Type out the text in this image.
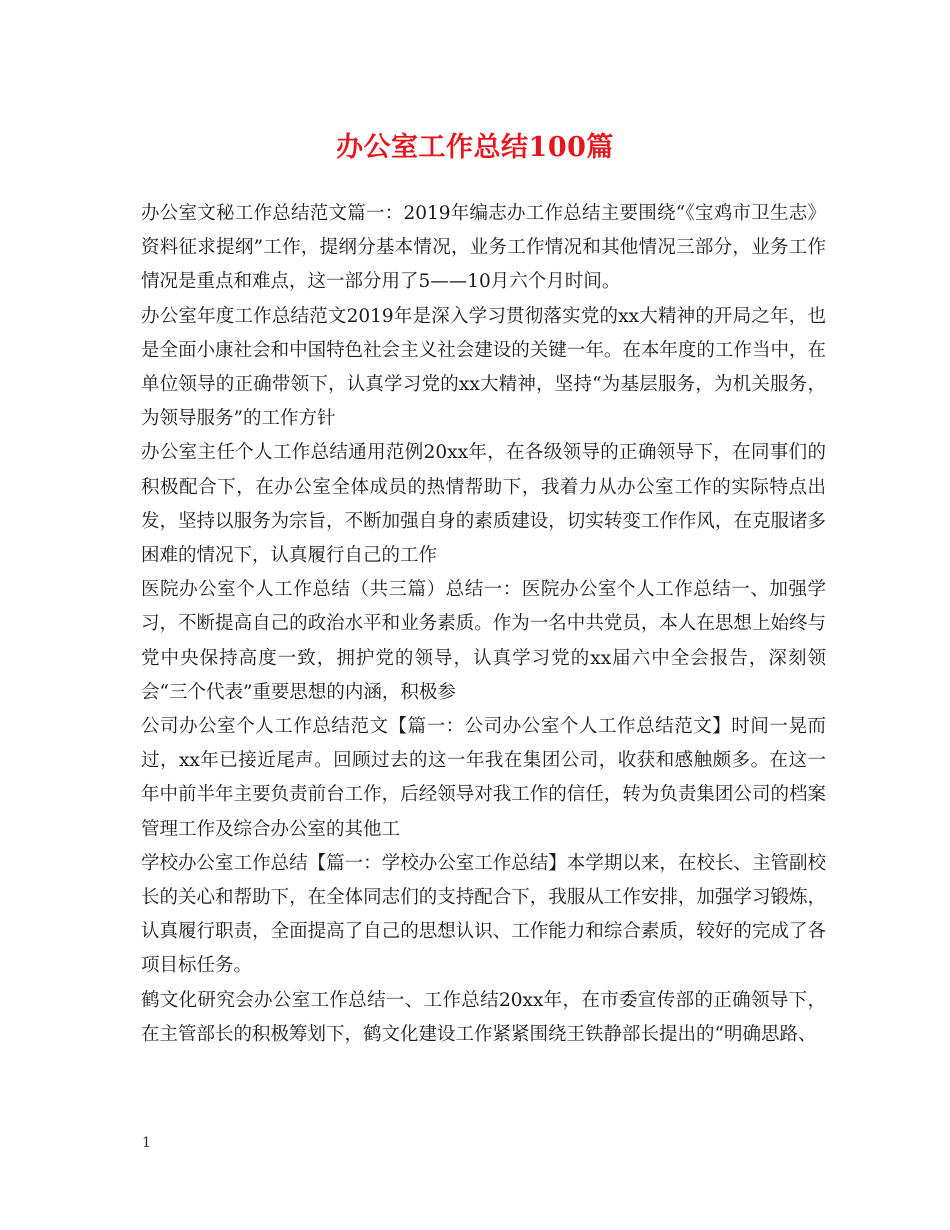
办公室工作总结100篇

办公室文秘工作总结范文篇一：2019年编志办工作总结主要围绕“《宝鸡市卫生志》资料征求提纲”工作，提纲分基本情况，业务工作情况和其他情况三部分，业务工作情况是重点和难点，这一部分用了5——10月六个月时间。

办公室年度工作总结范文2019年是深入学习贯彻落实党的xx大精神的开局之年，也是全面小康社会和中国特色社会主义社会建设的关键一年。在本年度的工作当中，在单位领导的正确带领下，认真学习党的xx大精神，坚持“为基层服务，为机关服务，为领导服务”的工作方针

办公室主任个人工作总结通用范例20xx年，在各级领导的正确领导下，在同事们的积极配合下，在办公室全体成员的热情帮助下，我着力从办公室工作的实际特点出发，坚持以服务为宗旨，不断加强自身的素质建设，切实转变工作作风，在克服诸多困难的情况下，认真履行自己的工作

医院办公室个人工作总结（共三篇）总结一：医院办公室个人工作总结一、加强学习，不断提高自己的政治水平和业务素质。作为一名中共党员，本人在思想上始终与党中央保持高度一致，拥护党的领导，认真学习党的xx届六中全会报告，深刻领会“三个代表”重要思想的内涵，积极参

公司办公室个人工作总结范文【篇一：公司办公室个人工作总结范文】时间一晃而过，xx年已接近尾声。回顾过去的这一年我在集团公司，收获和感触颇多。在这一年中前半年主要负责前台工作，后经领导对我工作的信任，转为负责集团公司的档案管理工作及综合办公室的其他工

学校办公室工作总结【篇一：学校办公室工作总结】本学期以来，在校长、主管副校长的关心和帮助下，在全体同志们的支持配合下，我服从工作安排，加强学习锻炼，认真履行职责，全面提高了自己的思想认识、工作能力和综合素质，较好的完成了各项目标任务。

鹤文化研究会办公室工作总结一、工作总结20xx年，在市委宣传部的正确领导下，在主管部长的积极筹划下，鹤文化建设工作紧紧围绕王铁静部长提出的“明确思路、

1
